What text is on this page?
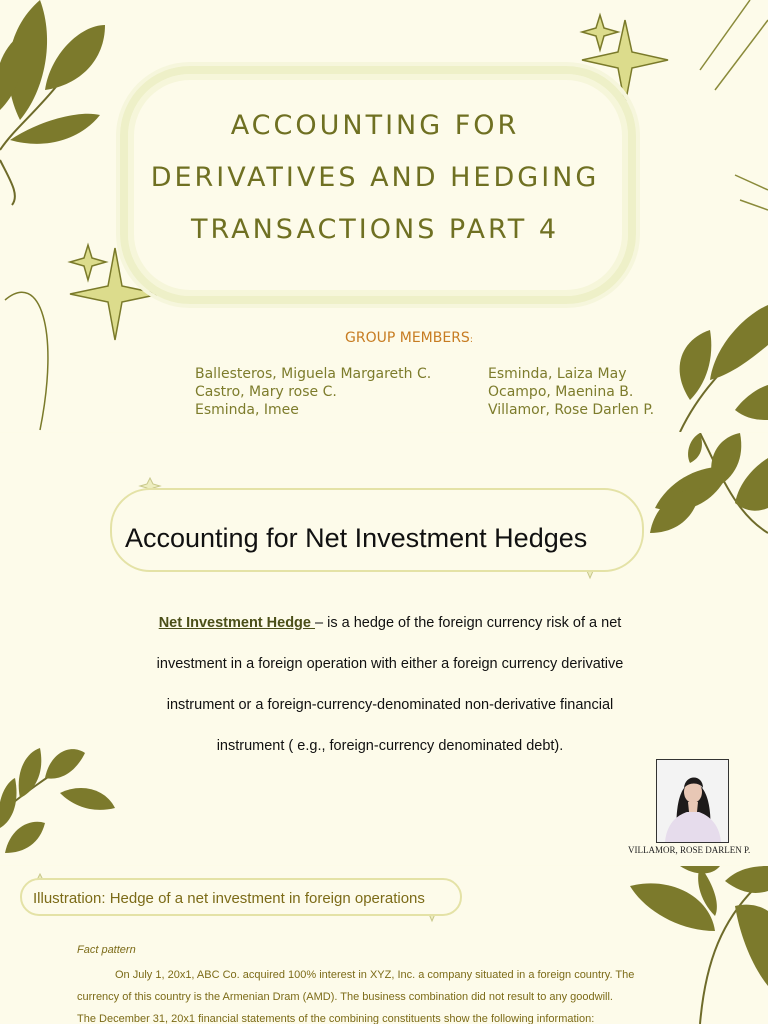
ACCOUNTING FOR
DERIVATIVES AND HEDGING
TRANSACTIONS PART 4
GROUP MEMBERS:
Ballesteros, Miguela Margareth C.
Castro, Mary rose C.
Esminda, Imee
Esminda, Laiza May
Ocampo, Maenina B.
Villamor, Rose Darlen P.
Accounting for Net Investment Hedges
Net Investment Hedge – is a hedge of the foreign currency risk of a net
investment in a foreign operation with either a foreign currency derivative
instrument or a foreign-currency-denominated non-derivative financial
instrument ( e.g., foreign-currency denominated debt).
VILLAMOR, ROSE DARLEN P.
Illustration: Hedge of a net investment in foreign operations
Fact pattern
On July 1, 20x1, ABC Co. acquired 100% interest in XYZ, Inc. a company situated in a foreign country. The
currency of this country is the Armenian Dram (AMD). The business combination did not result to any goodwill.
The December 31, 20x1 financial statements of the combining constituents show the following information:
